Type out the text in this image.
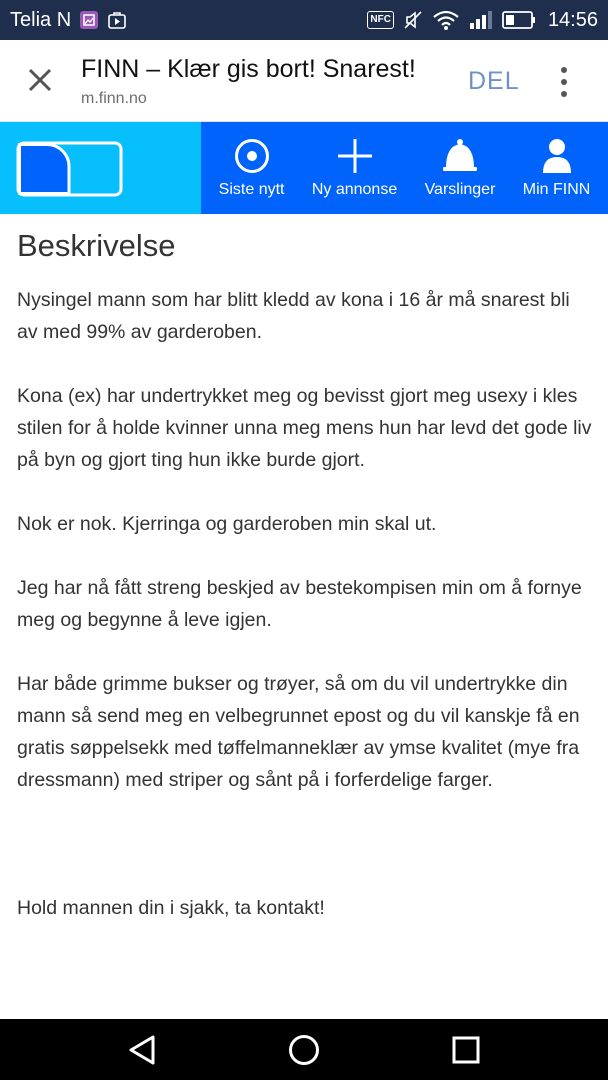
Telia N	NFC	14:56
FINN – Klær gis bort! Snarest!
m.finn.no
DEL
Siste nytt Ny annonse Varslinger Min FINN
Beskrivelse

Nysingel mann som har blitt kledd av kona i 16 år må snarest bli av med 99% av garderoben.

Kona (ex) har undertrykket meg og bevisst gjort meg usexy i kles stilen for å holde kvinner unna meg mens hun har levd det gode liv på byn og gjort ting hun ikke burde gjort.

Nok er nok. Kjerringa og garderoben min skal ut.

Jeg har nå fått streng beskjed av bestekompisen min om å fornye meg og begynne å leve igjen.

Har både grimme bukser og trøyer, så om du vil undertrykke din mann så send meg en velbegrunnet epost og du vil kanskje få en gratis søppelsekk med tøffelmanneklær av ymse kvalitet (mye fra dressmann) med striper og sånt på i forferdelige farger.

Hold mannen din i sjakk, ta kontakt!
